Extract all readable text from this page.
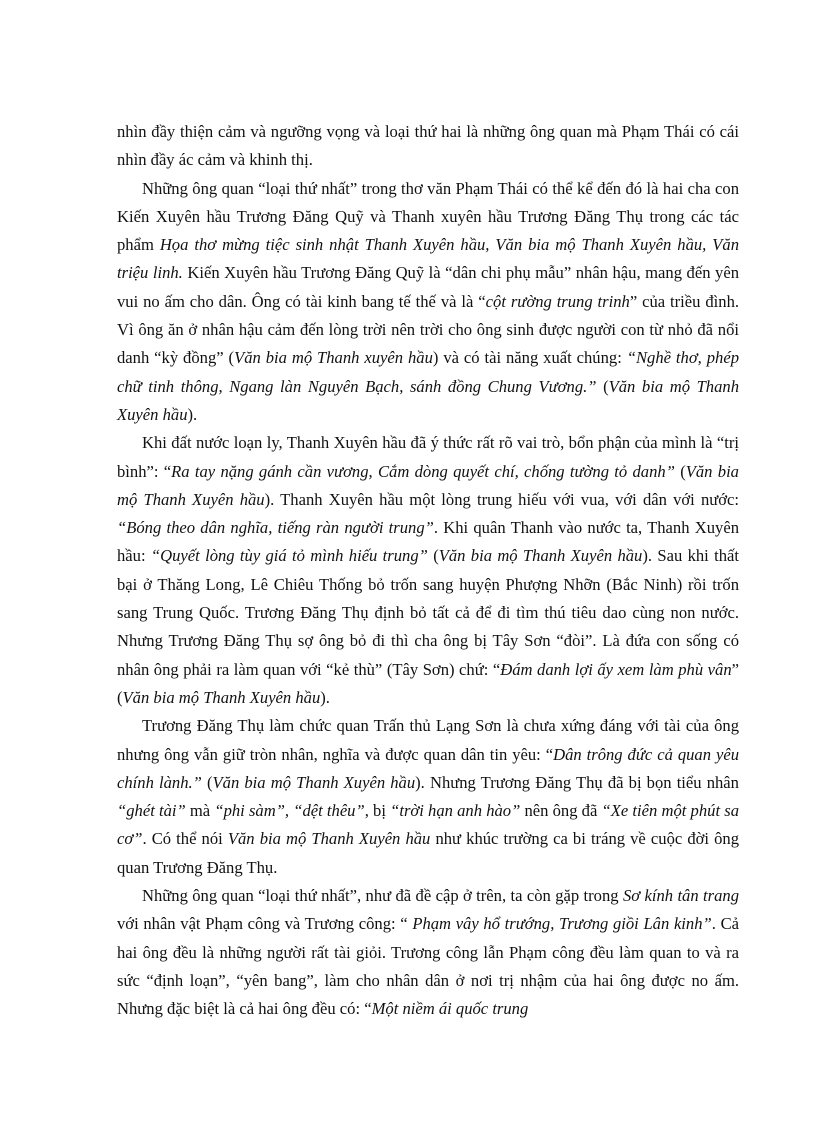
nhìn đầy thiện cảm và ngưỡng vọng và loại thứ hai là những ông quan mà Phạm Thái có cái nhìn đầy ác cảm và khinh thị.

Những ông quan “loại thứ nhất” trong thơ văn Phạm Thái có thể kể đến đó là hai cha con Kiến Xuyên hầu Trương Đăng Quỹ và Thanh xuyên hầu Trương Đăng Thụ trong các tác phẩm Họa thơ mừng tiệc sinh nhật Thanh Xuyên hầu, Văn bia mộ Thanh Xuyên hầu, Văn triệu linh. Kiến Xuyên hầu Trương Đăng Quỹ là “dân chi phụ mẫu” nhân hậu, mang đến yên vui no ấm cho dân. Ông có tài kinh bang tế thế và là “cột rường trung trinh” của triều đình. Vì ông ăn ở nhân hậu cảm đến lòng trời nên trời cho ông sinh được người con từ nhỏ đã nổi danh “kỳ đồng” (Văn bia mộ Thanh xuyên hầu) và có tài năng xuất chúng: “Nghề thơ, phép chữ tinh thông, Ngang làn Nguyên Bạch, sánh đồng Chung Vương.” (Văn bia mộ Thanh Xuyên hầu).

Khi đất nước loạn ly, Thanh Xuyên hầu đã ý thức rất rõ vai trò, bổn phận của mình là “trị bình”: “Ra tay nặng gánh cần vương, Cắm dòng quyết chí, chống tường tỏ danh” (Văn bia mộ Thanh Xuyên hầu). Thanh Xuyên hầu một lòng trung hiếu với vua, với dân với nước: “Bóng theo dân nghĩa, tiếng ràn người trung”. Khi quân Thanh vào nước ta, Thanh Xuyên hầu: “Quyết lòng tùy giá tỏ mình hiếu trung” (Văn bia mộ Thanh Xuyên hầu). Sau khi thất bại ở Thăng Long, Lê Chiêu Thống bỏ trốn sang huyện Phượng Nhỡn (Bắc Ninh) rồi trốn sang Trung Quốc. Trương Đăng Thụ định bỏ tất cả để đi tìm thú tiêu dao cùng non nước. Nhưng Trương Đăng Thụ sợ ông bỏ đi thì cha ông bị Tây Sơn “đòi”. Là đứa con sống có nhân ông phải ra làm quan với “kẻ thù” (Tây Sơn) chứ: “Đám danh lợi ấy xem làm phù vân” (Văn bia mộ Thanh Xuyên hầu).

Trương Đăng Thụ làm chức quan Trấn thủ Lạng Sơn là chưa xứng đáng với tài của ông nhưng ông vẫn giữ tròn nhân, nghĩa và được quan dân tin yêu: “Dân trông đức cả quan yêu chính lành.” (Văn bia mộ Thanh Xuyên hầu). Nhưng Trương Đăng Thụ đã bị bọn tiểu nhân “ghét tài” mà “phi sàm”, “dệt thêu”, bị “trời hạn anh hào” nên ông đã “Xe tiên một phút sa cơ”. Có thể nói Văn bia mộ Thanh Xuyên hầu như khúc trường ca bi tráng về cuộc đời ông quan Trương Đăng Thụ.

Những ông quan “loại thứ nhất”, như đã đề cập ở trên, ta còn gặp trong Sơ kính tân trang với nhân vật Phạm công và Trương công: “ Phạm vây hổ trướng, Trương giồi Lân kinh”. Cả hai ông đều là những người rất tài giỏi. Trương công lẫn Phạm công đều làm quan to và ra sức “định loạn”, “yên bang”, làm cho nhân dân ở nơi trị nhậm của hai ông được no ấm. Nhưng đặc biệt là cả hai ông đều có: “Một niềm ái quốc trung
